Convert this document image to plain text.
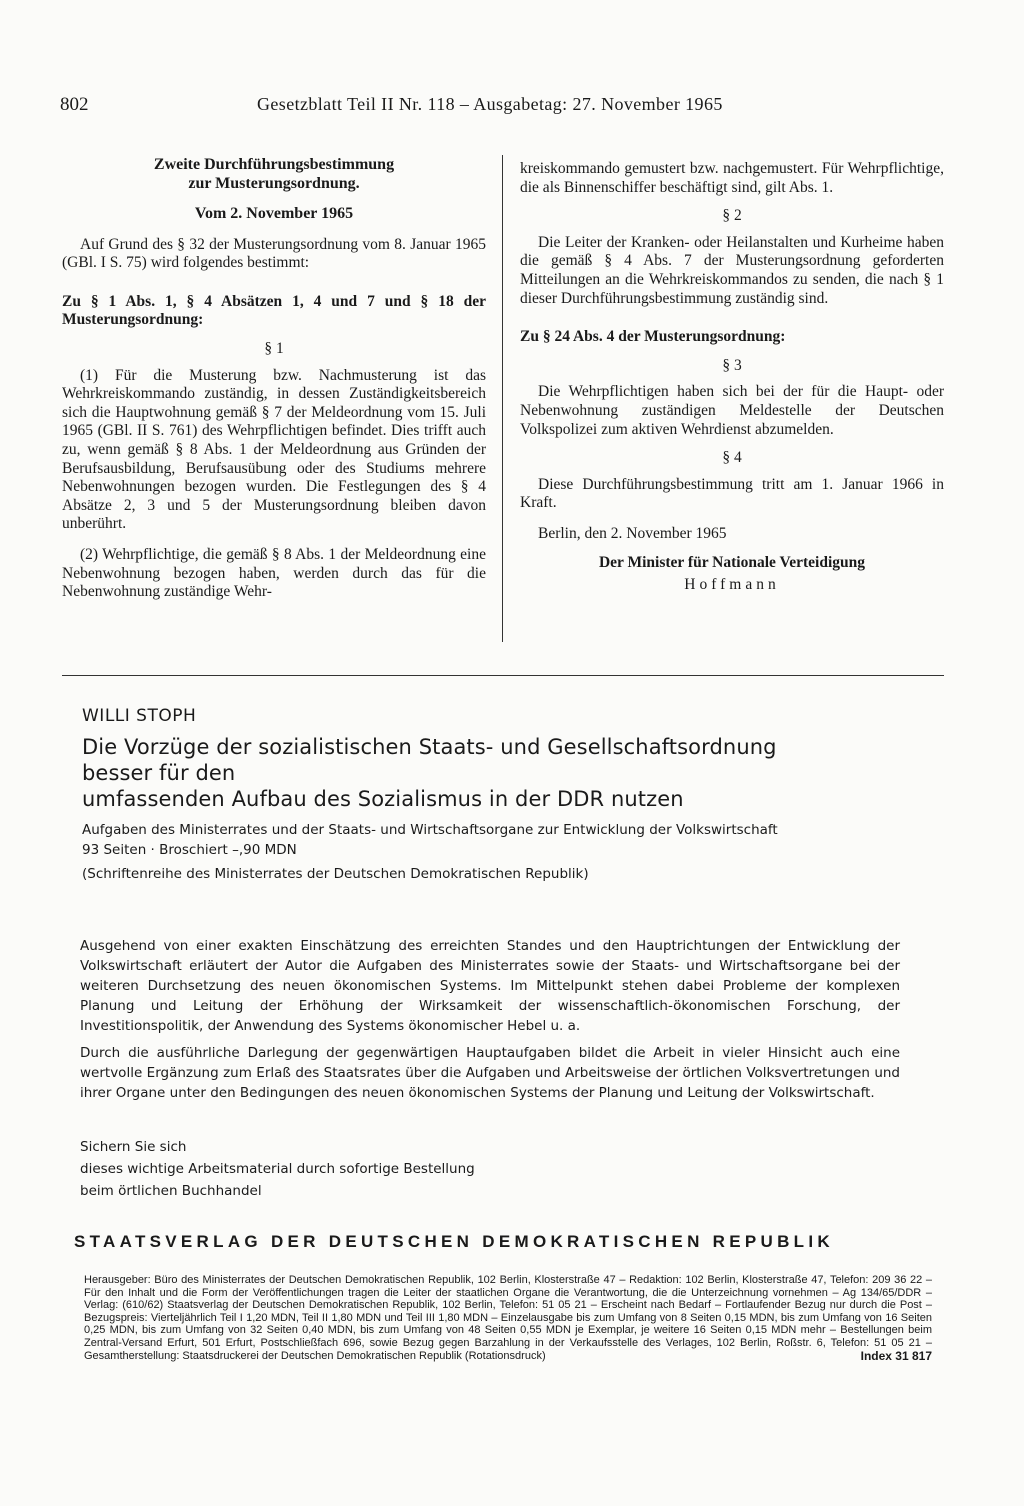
802	Gesetzblatt Teil II Nr. 118 – Ausgabetag: 27. November 1965

Zweite Durchführungsbestimmung

zur Musterungsordnung.

Vom 2. November 1965

Auf Grund des § 32 der Musterungsordnung vom 8. Januar 1965 (GBl. I S. 75) wird folgendes bestimmt:

Zu § 1 Abs. 1, § 4 Absätzen 1, 4 und 7 und § 18 der Musterungsordnung:

§ 1

(1) Für die Musterung bzw. Nachmusterung ist das Wehrkreiskommando zuständig, in dessen Zuständigkeitsbereich sich die Hauptwohnung gemäß § 7 der Meldeordnung vom 15. Juli 1965 (GBl. II S. 761) des Wehrpflichtigen befindet. Dies trifft auch zu, wenn gemäß § 8 Abs. 1 der Meldeordnung aus Gründen der Berufsausbildung, Berufsausübung oder des Studiums mehrere Nebenwohnungen bezogen wurden. Die Festlegungen des § 4 Absätze 2, 3 und 5 der Musterungsordnung bleiben davon unberührt.

(2) Wehrpflichtige, die gemäß § 8 Abs. 1 der Meldeordnung eine Nebenwohnung bezogen haben, werden durch das für die Nebenwohnung zuständige Wehr-

kreiskommando gemustert bzw. nachgemustert. Für Wehrpflichtige, die als Binnenschiffer beschäftigt sind, gilt Abs. 1.

§ 2

Die Leiter der Kranken- oder Heilanstalten und Kurheime haben die gemäß § 4 Abs. 7 der Musterungsordnung geforderten Mitteilungen an die Wehrkreiskommandos zu senden, die nach § 1 dieser Durchführungsbestimmung zuständig sind.

Zu § 24 Abs. 4 der Musterungsordnung:

§ 3

Die Wehrpflichtigen haben sich bei der für die Haupt- oder Nebenwohnung zuständigen Meldestelle der Deutschen Volkspolizei zum aktiven Wehrdienst abzumelden.

§ 4

Diese Durchführungsbestimmung tritt am 1. Januar 1966 in Kraft.

Berlin, den 2. November 1965

Der Minister für Nationale Verteidigung

Hoffmann

WILLI STOPH

Die Vorzüge der sozialistischen Staats- und Gesellschaftsordnung

besser für den

umfassenden Aufbau des Sozialismus in der DDR nutzen

Aufgaben des Ministerrates und der Staats- und Wirtschaftsorgane zur Entwicklung der Volkswirtschaft

93 Seiten · Broschiert –,90 MDN

(Schriftenreihe des Ministerrates der Deutschen Demokratischen Republik)

Ausgehend von einer exakten Einschätzung des erreichten Standes und den Hauptrichtungen der Entwicklung der Volkswirtschaft erläutert der Autor die Aufgaben des Ministerrates sowie der Staats- und Wirtschaftsorgane bei der weiteren Durchsetzung des neuen ökonomischen Systems. Im Mittelpunkt stehen dabei Probleme der komplexen Planung und Leitung der Erhöhung der Wirksamkeit der wissenschaftlich-ökonomischen Forschung, der Investitionspolitik, der Anwendung des Systems ökonomischer Hebel u. a.

Durch die ausführliche Darlegung der gegenwärtigen Hauptaufgaben bildet die Arbeit in vieler Hinsicht auch eine wertvolle Ergänzung zum Erlaß des Staatsrates über die Aufgaben und Arbeitsweise der örtlichen Volksvertretungen und ihrer Organe unter den Bedingungen des neuen ökonomischen Systems der Planung und Leitung der Volkswirtschaft.

Sichern Sie sich

dieses wichtige Arbeitsmaterial durch sofortige Bestellung

beim örtlichen Buchhandel

STAATSVERLAG DER DEUTSCHEN DEMOKRATISCHEN REPUBLIK
Herausgeber: Büro des Ministerrates der Deutschen Demokratischen Republik, 102 Berlin, Klosterstraße 47 – Redaktion: 102 Berlin, Klosterstraße 47, Telefon: 209 36 22 – Für den Inhalt und die Form der Veröffentlichungen tragen die Leiter der staatlichen Organe die Verantwortung, die die Unterzeichnung vornehmen – Ag 134/65/DDR – Verlag: (610/62) Staatsverlag der Deutschen Demokratischen Republik, 102 Berlin, Telefon: 51 05 21 – Erscheint nach Bedarf – Fortlaufender Bezug nur durch die Post – Bezugspreis: Vierteljährlich Teil I 1,20 MDN, Teil II 1,80 MDN und Teil III 1,80 MDN – Einzelausgabe bis zum Umfang von 8 Seiten 0,15 MDN, bis zum Umfang von 16 Seiten 0,25 MDN, bis zum Umfang von 32 Seiten 0,40 MDN, bis zum Umfang von 48 Seiten 0,55 MDN je Exemplar, je weitere 16 Seiten 0,15 MDN mehr – Bestellungen beim Zentral-Versand Erfurt, 501 Erfurt, Postschließfach 696, sowie Bezug gegen Barzahlung in der Verkaufsstelle des Verlages, 102 Berlin, Roßstr. 6, Telefon: 51 05 21 – Gesamtherstellung: Staatsdruckerei der Deutschen Demokratischen Republik (Rotationsdruck)	Index 31 817
